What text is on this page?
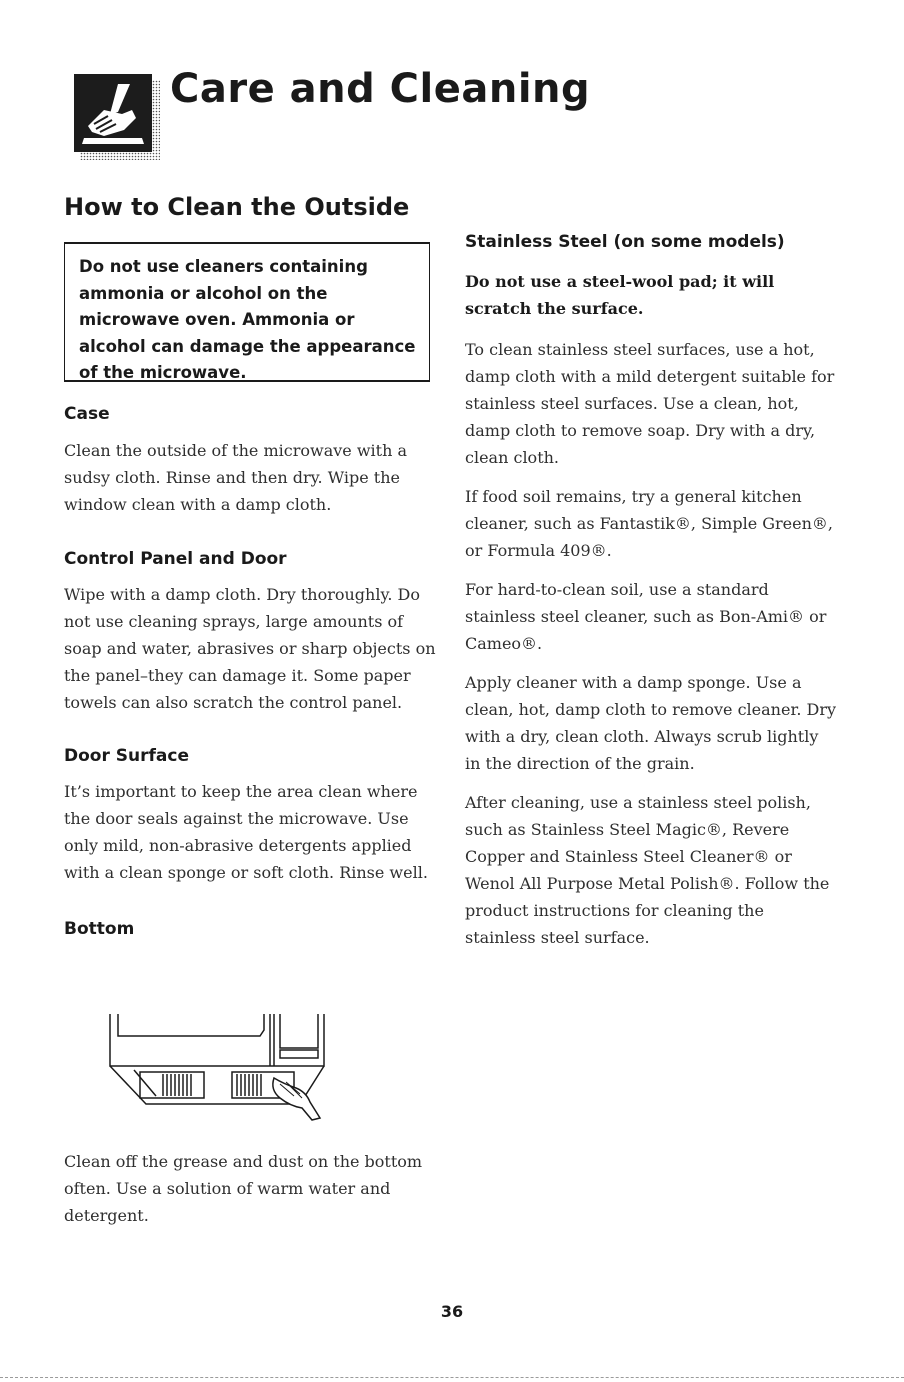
Care and Cleaning
How to Clean the Outside
Do not use cleaners containing ammonia or alcohol on the microwave oven. Ammonia or alcohol can damage the appearance of the microwave.
Case

Clean the outside of the microwave with a sudsy cloth. Rinse and then dry. Wipe the window clean with a damp cloth.

Control Panel and Door

Wipe with a damp cloth. Dry thoroughly. Do not use cleaning sprays, large amounts of soap and water, abrasives or sharp objects on the panel–they can damage it. Some paper towels can also scratch the control panel.

Door Surface

It’s important to keep the area clean where the door seals against the microwave. Use only mild, non-abrasive detergents applied with a clean sponge or soft cloth. Rinse well.

Bottom

Clean off the grease and dust on the bottom often. Use a solution of warm water and detergent.

Stainless Steel (on some models)

Do not use a steel-wool pad; it will scratch the surface.

To clean stainless steel surfaces, use a hot, damp cloth with a mild detergent suitable for stainless steel surfaces. Use a clean, hot, damp cloth to remove soap. Dry with a dry, clean cloth.

If food soil remains, try a general kitchen cleaner, such as Fantastik®, Simple Green®, or Formula 409®.

For hard-to-clean soil, use a standard stainless steel cleaner, such as Bon-Ami® or Cameo®.

Apply cleaner with a damp sponge. Use a clean, hot, damp cloth to remove cleaner. Dry with a dry, clean cloth. Always scrub lightly in the direction of the grain.

After cleaning, use a stainless steel polish, such as Stainless Steel Magic®, Revere Copper and Stainless Steel Cleaner® or Wenol All Purpose Metal Polish®. Follow the product instructions for cleaning the stainless steel surface.

36
